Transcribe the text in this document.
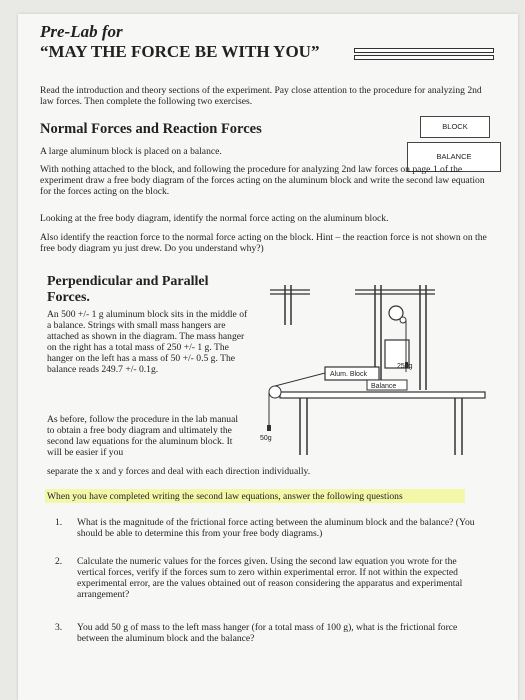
Pre-Lab for
“MAY THE FORCE BE WITH YOU”
Read the introduction and theory sections of the experiment. Pay close attention to the procedure for analyzing 2nd law forces. Then complete the following two exercises.
Normal Forces and Reaction Forces	BLOCK
BALANCE
A large aluminum block is placed on a balance.
With nothing attached to the block, and following the procedure for analyzing 2nd law forces on page 1 of the experiment draw a free body diagram of the forces acting on the aluminum block and write the second law equation for the forces acting on the block.
Looking at the free body diagram, identify the normal force acting on the aluminum block.
Also identify the reaction force to the normal force acting on the block. Hint – the reaction force is not shown on the free body diagram yu just drew. Do you understand why?)
Perpendicular and Parallel Forces.
An 500 +/- 1 g aluminum block sits in the middle of a balance. Strings with small mass hangers are attached as shown in the diagram. The mass hanger on the right has a total mass of 250 +/- 1 g. The hanger on the left has a mass of 50 +/- 0.5 g. The balance reads 249.7 +/- 0.1g.	Alum. Block
250g
Balance
50g
As before, follow the procedure in the lab manual to obtain a free body diagram and ultimately the second law equations for the aluminum block. It will be easier if you
separate the x and y forces and deal with each direction individually.
When you have completed writing the second law equations, answer the following questions
1. What is the magnitude of the frictional force acting between the aluminum block and the balance? (You should be able to determine this from your free body diagrams.)
2. Calculate the numeric values for the forces given. Using the second law equation you wrote for the vertical forces, verify if the forces sum to zero within experimental error. If not within the expected experimental error, are the values obtained out of reason considering the apparatus and experimental arrangement?
3. You add 50 g of mass to the left mass hanger (for a total mass of 100 g), what is the frictional force between the aluminum block and the balance?
